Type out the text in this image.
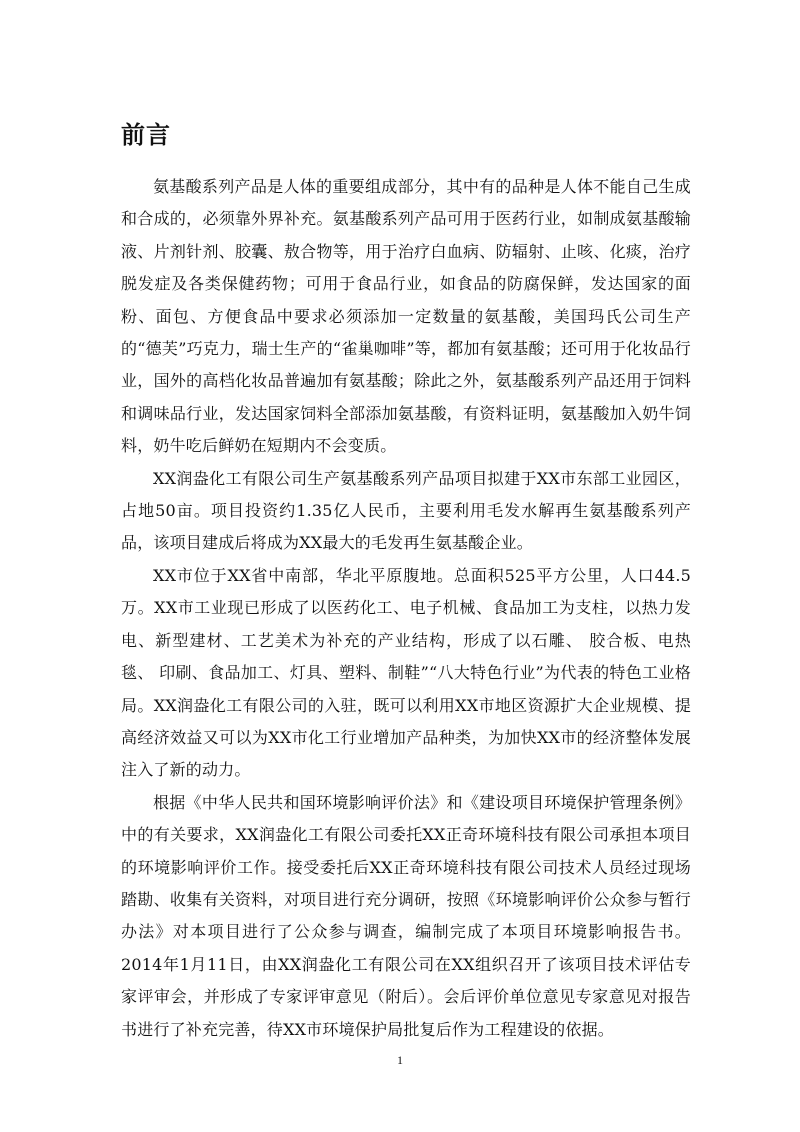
前言

氨基酸系列产品是人体的重要组成部分，其中有的品种是人体不能自己生成和合成的，必须靠外界补充。氨基酸系列产品可用于医药行业，如制成氨基酸输液、片剂针剂、胶囊、敖合物等，用于治疗白血病、防辐射、止咳、化痰，治疗脱发症及各类保健药物；可用于食品行业，如食品的防腐保鲜，发达国家的面粉、面包、方便食品中要求必须添加一定数量的氨基酸，美国玛氏公司生产的“德芙”巧克力，瑞士生产的“雀巢咖啡”等，都加有氨基酸；还可用于化妆品行业，国外的高档化妆品普遍加有氨基酸；除此之外，氨基酸系列产品还用于饲料和调味品行业，发达国家饲料全部添加氨基酸，有资料证明，氨基酸加入奶牛饲料，奶牛吃后鲜奶在短期内不会变质。

XX润盎化工有限公司生产氨基酸系列产品项目拟建于XX市东部工业园区，占地50亩。项目投资约1.35亿人民币，主要利用毛发水解再生氨基酸系列产品，该项目建成后将成为XX最大的毛发再生氨基酸企业。

XX市位于XX省中南部，华北平原腹地。总面积525平方公里，人口44.5万。XX市工业现已形成了以医药化工、电子机械、食品加工为支柱，以热力发电、新型建材、工艺美术为补充的产业结构，形成了以石雕、 胶合板、电热毯、 印刷、食品加工、灯具、塑料、制鞋”“八大特色行业”为代表的特色工业格局。XX润盎化工有限公司的入驻，既可以利用XX市地区资源扩大企业规模、提高经济效益又可以为XX市化工行业增加产品种类，为加快XX市的经济整体发展注入了新的动力。

根据《中华人民共和国环境影响评价法》和《建设项目环境保护管理条例》中的有关要求，XX润盎化工有限公司委托XX正奇环境科技有限公司承担本项目的环境影响评价工作。接受委托后XX正奇环境科技有限公司技术人员经过现场踏勘、收集有关资料，对项目进行充分调研，按照《环境影响评价公众参与暂行办法》对本项目进行了公众参与调查，编制完成了本项目环境影响报告书。2014年1月11日，由XX润盎化工有限公司在XX组织召开了该项目技术评估专家评审会，并形成了专家评审意见（附后）。会后评价单位意见专家意见对报告书进行了补充完善，待XX市环境保护局批复后作为工程建设的依据。

1
